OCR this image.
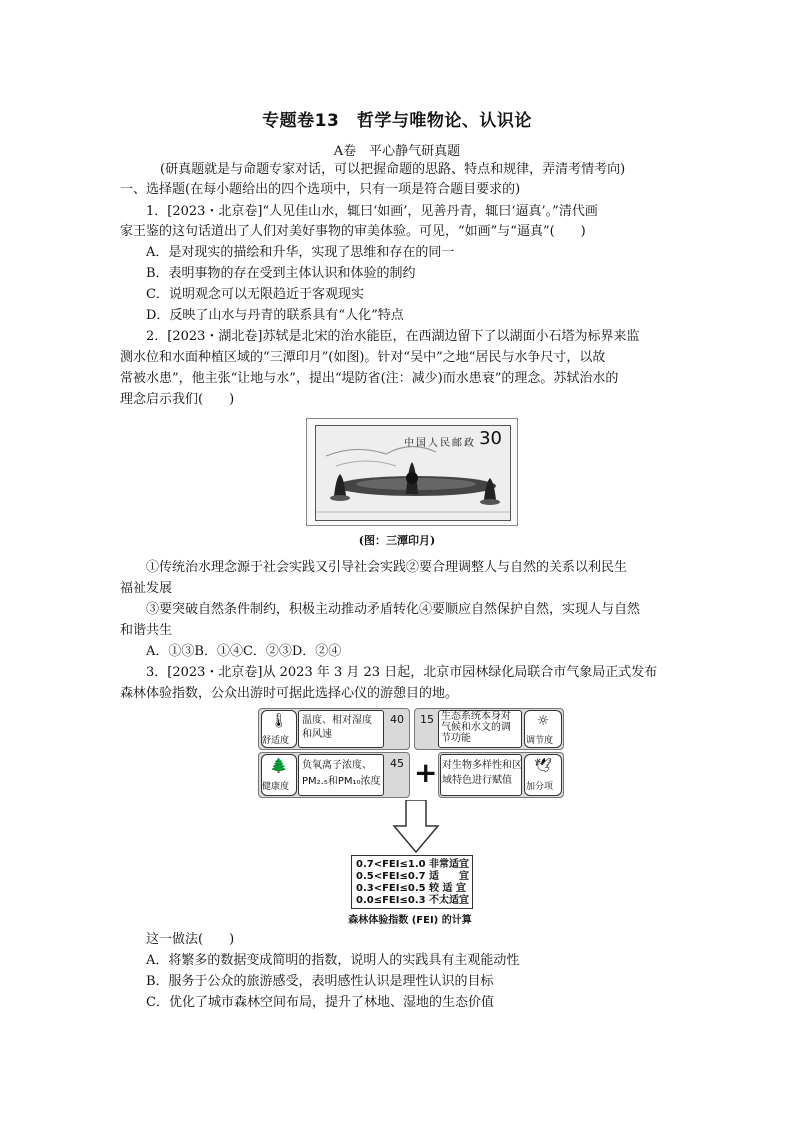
专题卷13　哲学与唯物论、认识论
A卷　平心静气研真题
(研真题就是与命题专家对话，可以把握命题的思路、特点和规律，弄清考情考向)
一、选择题(在每小题给出的四个选项中，只有一项是符合题目要求的)
1．[2023・北京卷]“人见佳山水，辄曰‘如画’，见善丹青，辄曰‘逼真’。”清代画
家王鉴的这句话道出了人们对美好事物的审美体验。可见，“如画”与“逼真”(　　)
A．是对现实的描绘和升华，实现了思维和存在的同一
B．表明事物的存在受到主体认识和体验的制约
C．说明观念可以无限趋近于客观现实
D．反映了山水与丹青的联系具有“人化”特点
2．[2023・湖北卷]苏轼是北宋的治水能臣，在西湖边留下了以湖面小石塔为标界来监
测水位和水面种植区域的“三潭印月”(如图)。针对“吴中”之地“居民与水争尺寸，以故
常被水患”，他主张“让地与水”，提出“堤防省(注：减少)而水患衰”的理念。苏轼治水的
理念启示我们(　　)
中国人民邮政 30
(图：三潭印月)
①传统治水理念源于社会实践又引导社会实践②要合理调整人与自然的关系以利民生
福祉发展
③要突破自然条件制约，积极主动推动矛盾转化④要顺应自然保护自然，实现人与自然
和谐共生
A．①③B．①④C．②③D．②④
3．[2023・北京卷]从 2023 年 3 月 23 日起，北京市园林绿化局联合市气象局正式发布
森林体验指数，公众出游时可据此选择心仪的游憩目的地。
🌡
舒适度
温度、相对湿度
和风速
40
🌲
健康度
负氧离子浓度、
PM₂.₅和PM₁₀浓度
45 +
15 生态系统本身对
气候和水文的调
节功能
☼
调节度
对生物多样性和区
域特色进行赋值
🕊
加分项
0.7<FEI≤1.0 非常适宜
0.5<FEI≤0.7 适　　宜
0.3<FEI≤0.5 较 适 宜
0.0≤FEI≤0.3 不太适宜
森林体验指数 (FEI) 的计算
这一做法(　　)
A．将繁多的数据变成简明的指数，说明人的实践具有主观能动性
B．服务于公众的旅游感受，表明感性认识是理性认识的目标
C．优化了城市森林空间布局，提升了林地、湿地的生态价值
